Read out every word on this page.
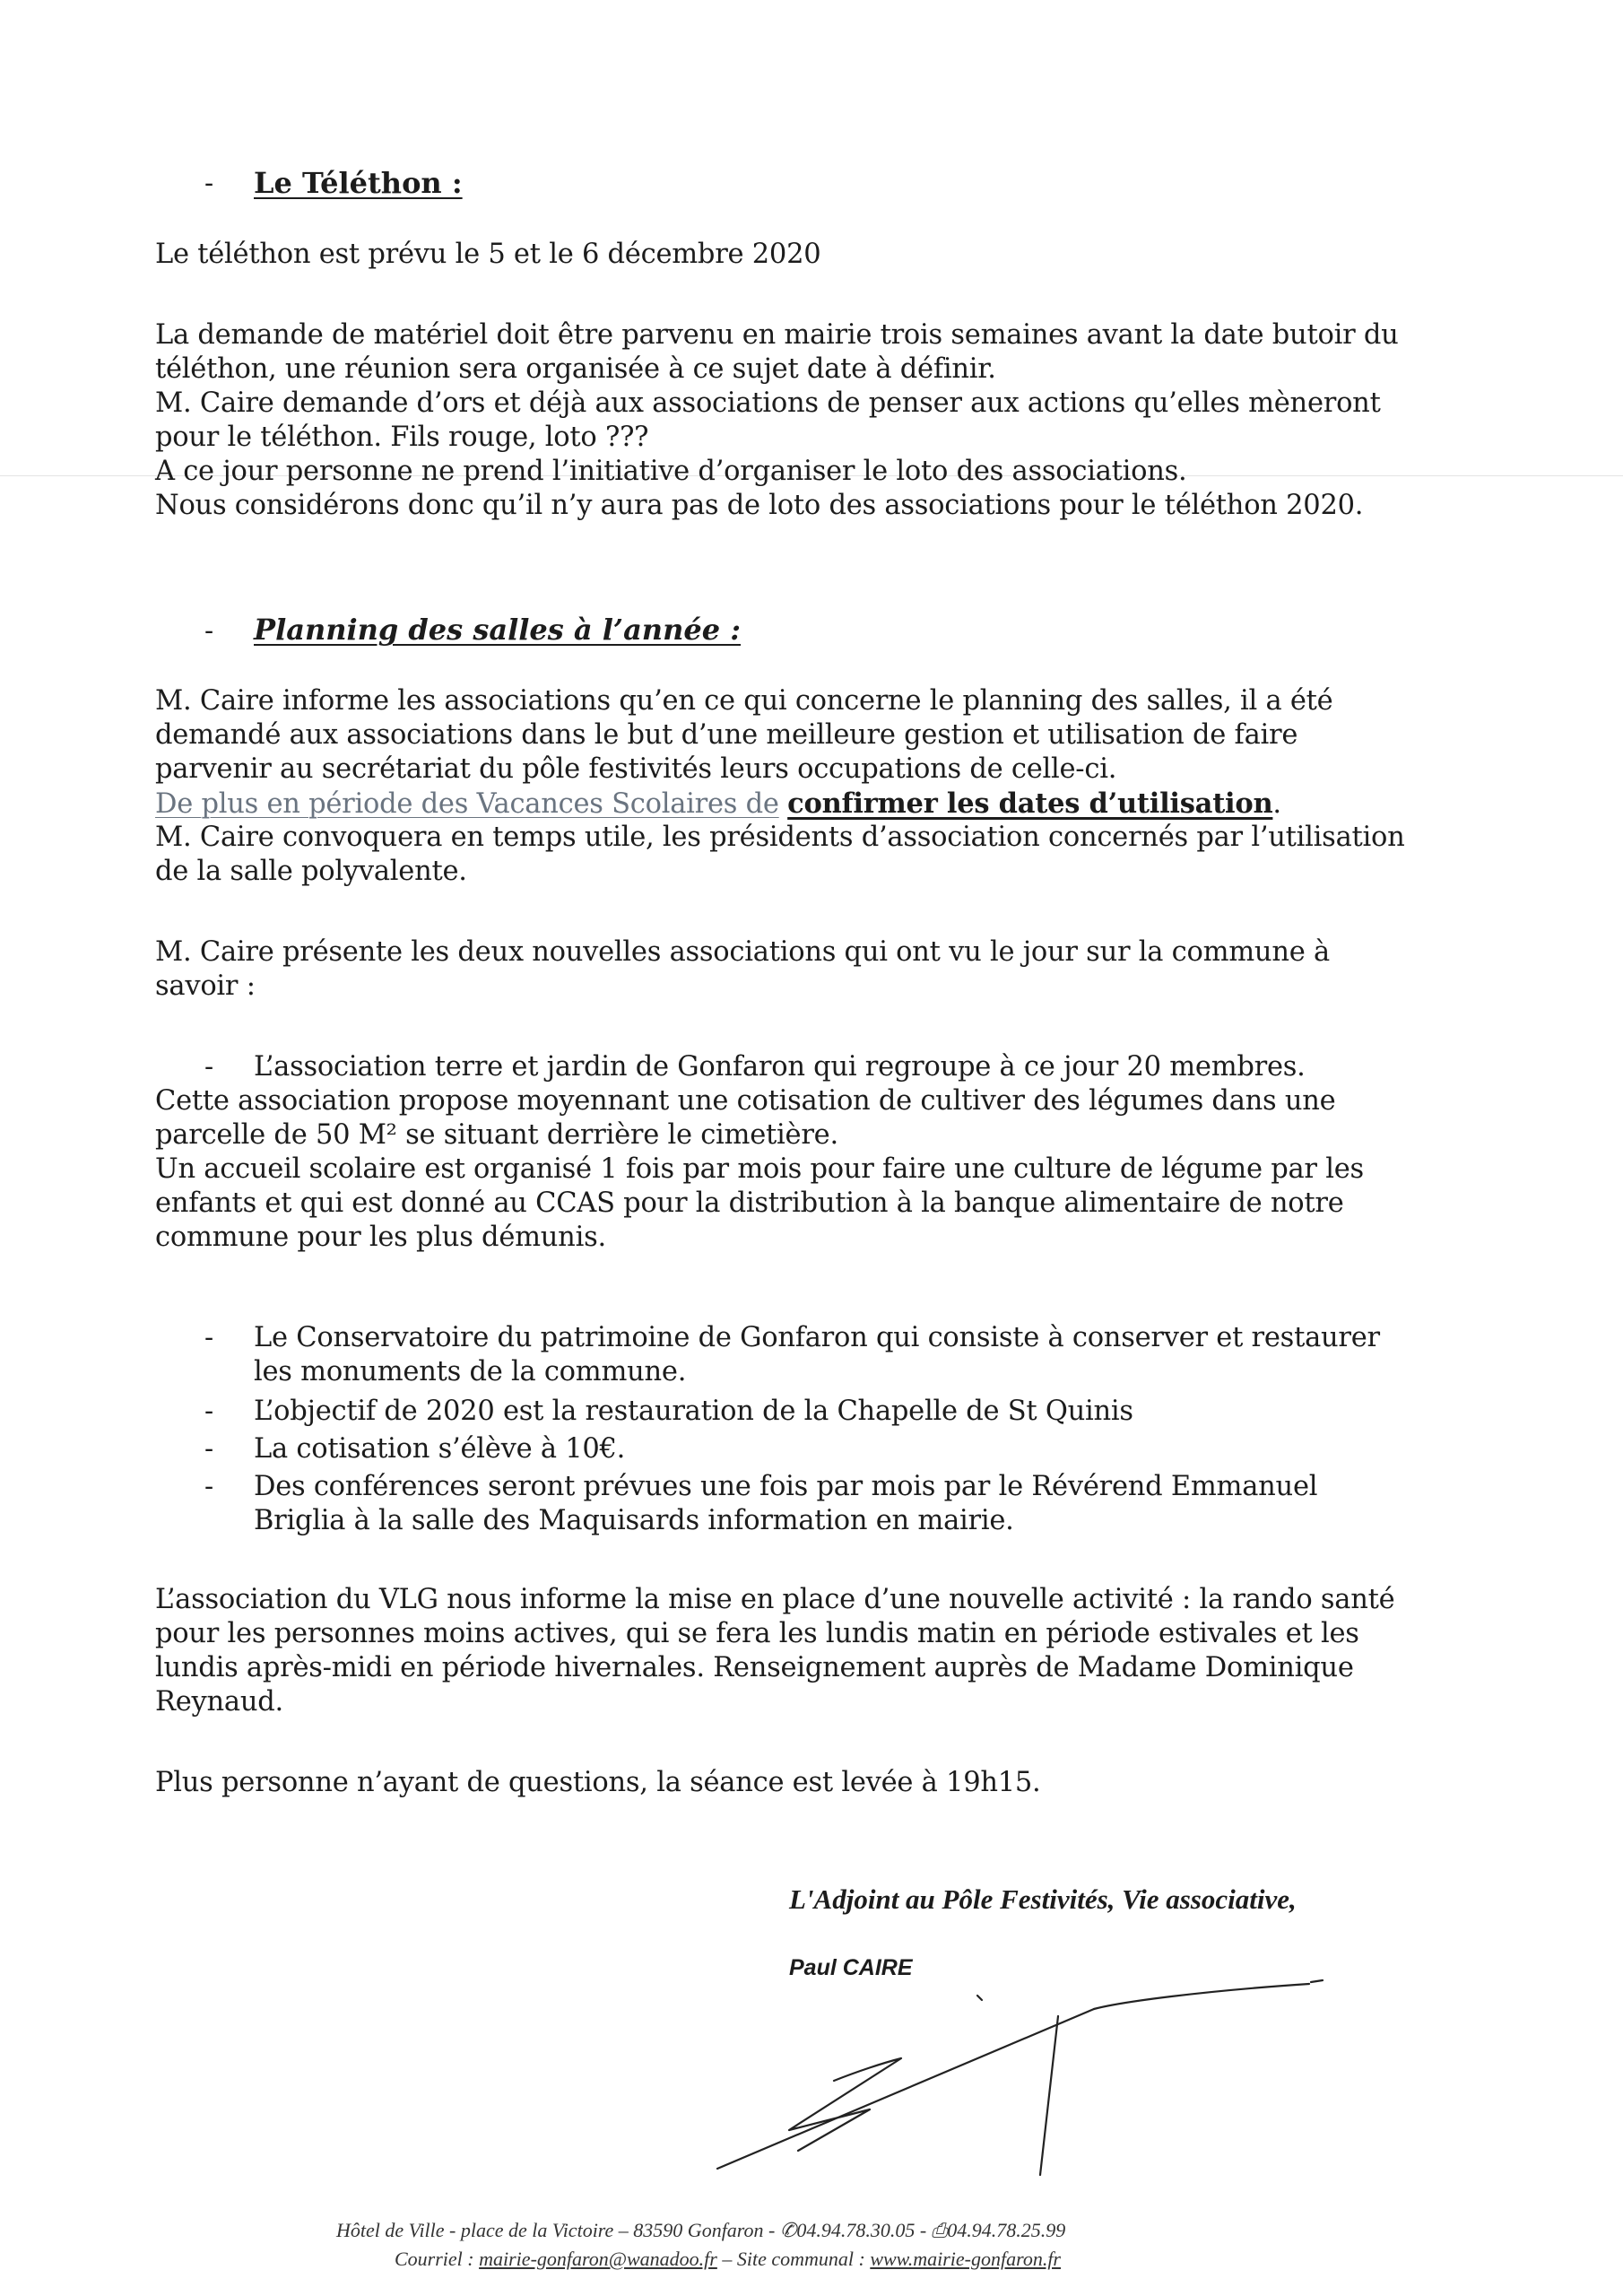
- Le Téléthon :
Le téléthon est prévu le 5 et le 6 décembre 2020
La demande de matériel doit être parvenu en mairie trois semaines avant la date butoir du
téléthon, une réunion sera organisée à ce sujet date à définir.
M. Caire demande d’ors et déjà aux associations de penser aux actions qu’elles mèneront
pour le téléthon. Fils rouge, loto ???
A ce jour personne ne prend l’initiative d’organiser le loto des associations.
Nous considérons donc qu’il n’y aura pas de loto des associations pour le téléthon 2020.
- Planning des salles à l’année :
M. Caire informe les associations qu’en ce qui concerne le planning des salles, il a été
demandé aux associations dans le but d’une meilleure gestion et utilisation de faire
parvenir au secrétariat du pôle festivités leurs occupations de celle-ci.
De plus en période des Vacances Scolaires de confirmer les dates d’utilisation.
M. Caire convoquera en temps utile, les présidents d’association concernés par l’utilisation
de la salle polyvalente.
M. Caire présente les deux nouvelles associations qui ont vu le jour sur la commune à
savoir :
- L’association terre et jardin de Gonfaron qui regroupe à ce jour 20 membres.
Cette association propose moyennant une cotisation de cultiver des légumes dans une
parcelle de 50 M² se situant derrière le cimetière.
Un accueil scolaire est organisé 1 fois par mois pour faire une culture de légume par les
enfants et qui est donné au CCAS pour la distribution à la banque alimentaire de notre
commune pour les plus démunis.
- Le Conservatoire du patrimoine de Gonfaron qui consiste à conserver et restaurer
les monuments de la commune.
- L’objectif de 2020 est la restauration de la Chapelle de St Quinis
- La cotisation s’élève à 10€.
- Des conférences seront prévues une fois par mois par le Révérend Emmanuel
Briglia à la salle des Maquisards information en mairie.
L’association du VLG nous informe la mise en place d’une nouvelle activité : la rando santé
pour les personnes moins actives, qui se fera les lundis matin en période estivales et les
lundis après-midi en période hivernales. Renseignement auprès de Madame Dominique
Reynaud.
Plus personne n’ayant de questions, la séance est levée à 19h15.
L'Adjoint au Pôle Festivités, Vie associative,
Paul CAIRE
Hôtel de Ville - place de la Victoire – 83590 Gonfaron - ✆04.94.78.30.05 - ⎙04.94.78.25.99
Courriel : mairie-gonfaron@wanadoo.fr – Site communal : www.mairie-gonfaron.fr
